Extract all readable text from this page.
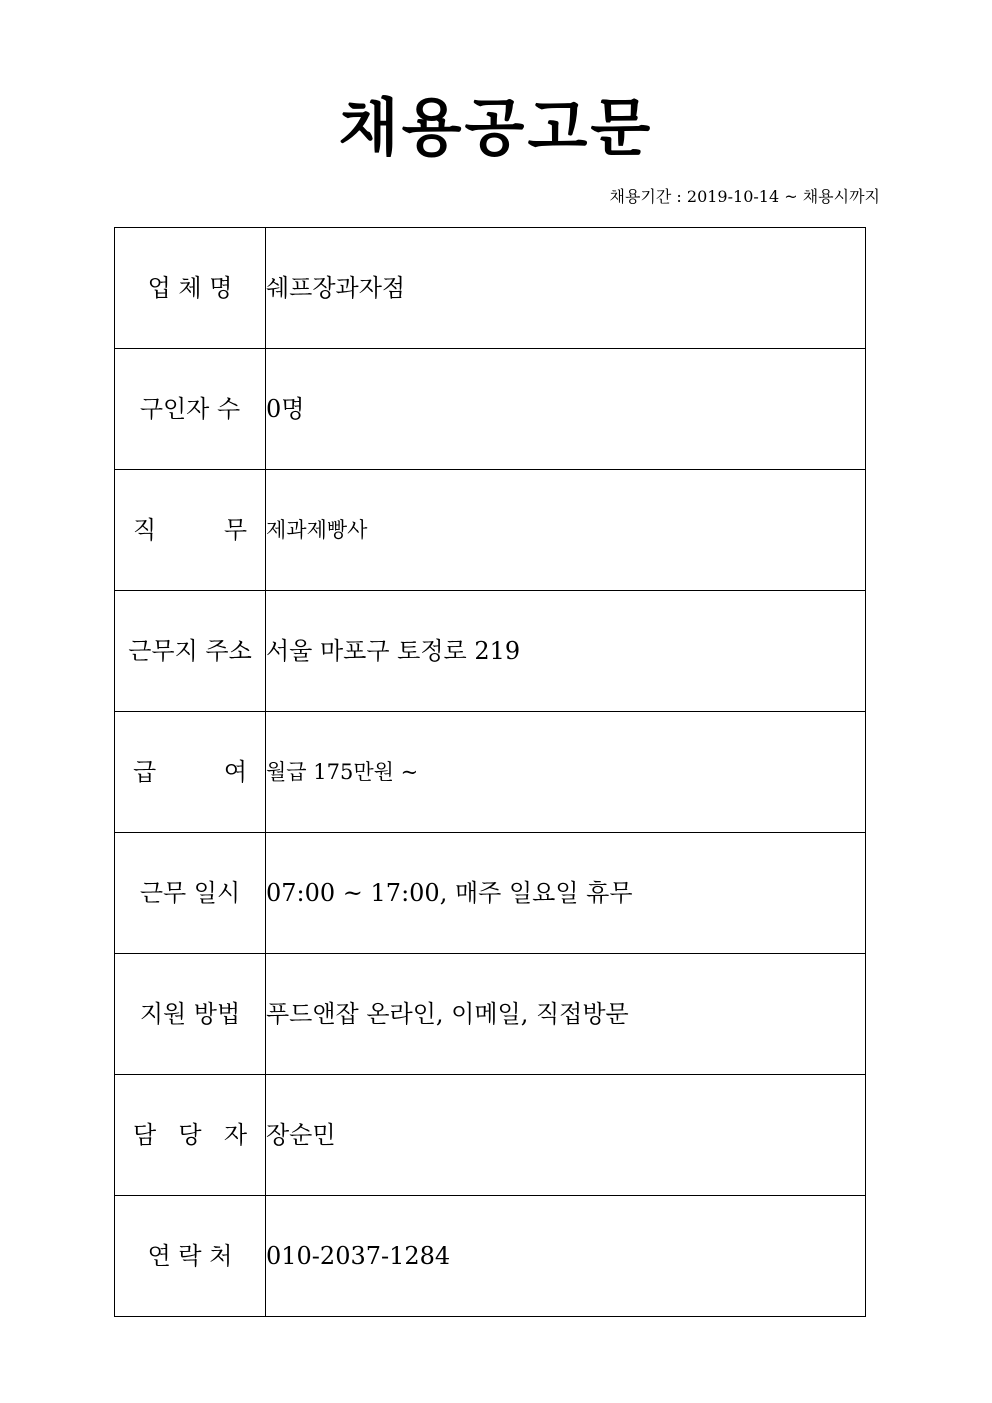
채용공고문
채용기간 : 2019-10-14 ~ 채용시까지
업 체 명	쉐프장과자점
구인자 수	0명

직 무	제과제빵사
근무지 주소	서울 마포구 토정로 219

급 여	월급 175만원 ~
근무 일시	07:00 ~ 17:00, 매주 일요일 휴무
지원 방법	푸드앤잡 온라인, 이메일, 직접방문

담 당 자	장순민
연 락 처	010-2037-1284
